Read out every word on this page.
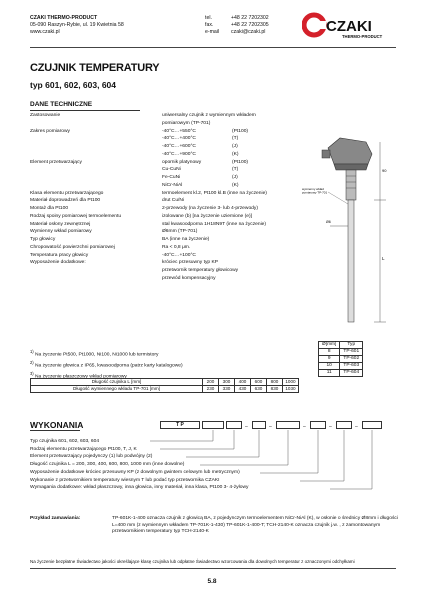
CZAKI THERMO-PRODUCT
05-090 Raszyn-Rybie, ul. 19 Kwietnia 58
www.czaki.pl
tel.	+48 22 7202302
fax.	+48 22 7202305
e-mail czaki@czaki.pl	CZAKI
THERMO-PRODUCT
CZUJNIK TEMPERATURY
typ 601, 602, 603, 604
DANE TECHNICZNE
Zastosowanie	uniwersalny czujnik z wymiennym wkładem
pomiarowym (TP-701)
Zakres pomiarowy	-40°C…+550°C	(Pt100)
-40°C…+400°C	(T)
-40°C…+600°C	(J)
-40°C…+900°C	(K)
Element przetwarzający	opornik platynowy	(Pt100)
Cu-CuNi	(T)
Fe-CuNi	(J)
NiCr-NiAl	(K)
Klasa elementu przetwarzającego	termoelement kl.2, Pt100 kl.B (inne na życzenie)
Materiał doprowadzeń dla Pt100	drut Cu/Ni
Montaż dla Pt100	2-przewody (na życzenie 3- lub 4-przewody)
Rodzaj spoiny pomiarowej termoelementu	izolowane (b) [na życzenie uziemione (e)]
Materiał osłony zewnętrznej	stal kwasoodporna 1H18N9T (inne na życzenie)
Wymienny wkład pomiarowy	Ø6mm (TP-701)
Typ głowicy	BA (inne na życzenie)
Chropowatość powierzchni pomiarowej	Ra < 0,8 μm.
Temperatura pracy głowicy	-40°C…+100°C
Wyposażenie dodatkowe:	króciec przesuwny typ KP
przetwornik temperatury głowicowy
przewód kompensacyjny
90
L
Ø6
wymienny wkład pomiarowy TP-701
Ø[mm]	Typ
8	TP-601
9	TP-602
10	TP-603
11	TP-604
$^{1)}$ Na życzenie Pt500, Pt1000, Ni100, Ni1000 lub termistory
$^{2)}$ Na życzenie głowica z IP65, kwasoodporna (patrz karty katalogowe)
$^{3)}$ Na życzenie płaszczowy wkład pomiarowy
Długość czujnika L [mm]	200	300	400	600	800	1000
Długość wymiennego wkładu TP-701 [mm]	230	330	430	630	830	1030
WYKONANIA	T P	–	–	–	–	–
Typ czujnika 601, 602, 603, 604
Rodzaj elementu przetwarzającego Pt100, T, J, K
Element przetwarzający pojedynczy (1) lub podwójny (2)
Długość czujnika L = 200, 300, 400, 600, 800, 1000 mm (inne dowolne)
Wyposażenie dodatkowe króciec przesuwny KP (z dowolnym gwintem celowym lub metrycznym)
Wykonanie z przetwornikiem temperatury wiesnym T lub podać typ przetwornika CZAKI
Wymagania dodatkowe: wkład płaszczowy, inna głowica, inny materiał, inna klasa, Pt100 3- 4-żyłowy
Przykład zamawiania:	TP-601K-1-400 oznacza czujnik z głowicą BA, z pojedynczym termoelementem NiCr-NiAl (K), w osłonie o średnicy Ø8mm i długości L=400 mm (z wymiennym wkładem TP-701K-1-430) TP-601K-1-400-T; TCH-2140-K oznacza czujnik j.w. , z zamontowanym przetwornikiem temperatury typ TCH-2140-K
Na życzenie bezpłatne Świadectwo jakości określające klasę czujnika lub odpłatne Świadectwo wzorcowania dla dowolnych temperatur z oznaczonymi odchyłkami
5.8
